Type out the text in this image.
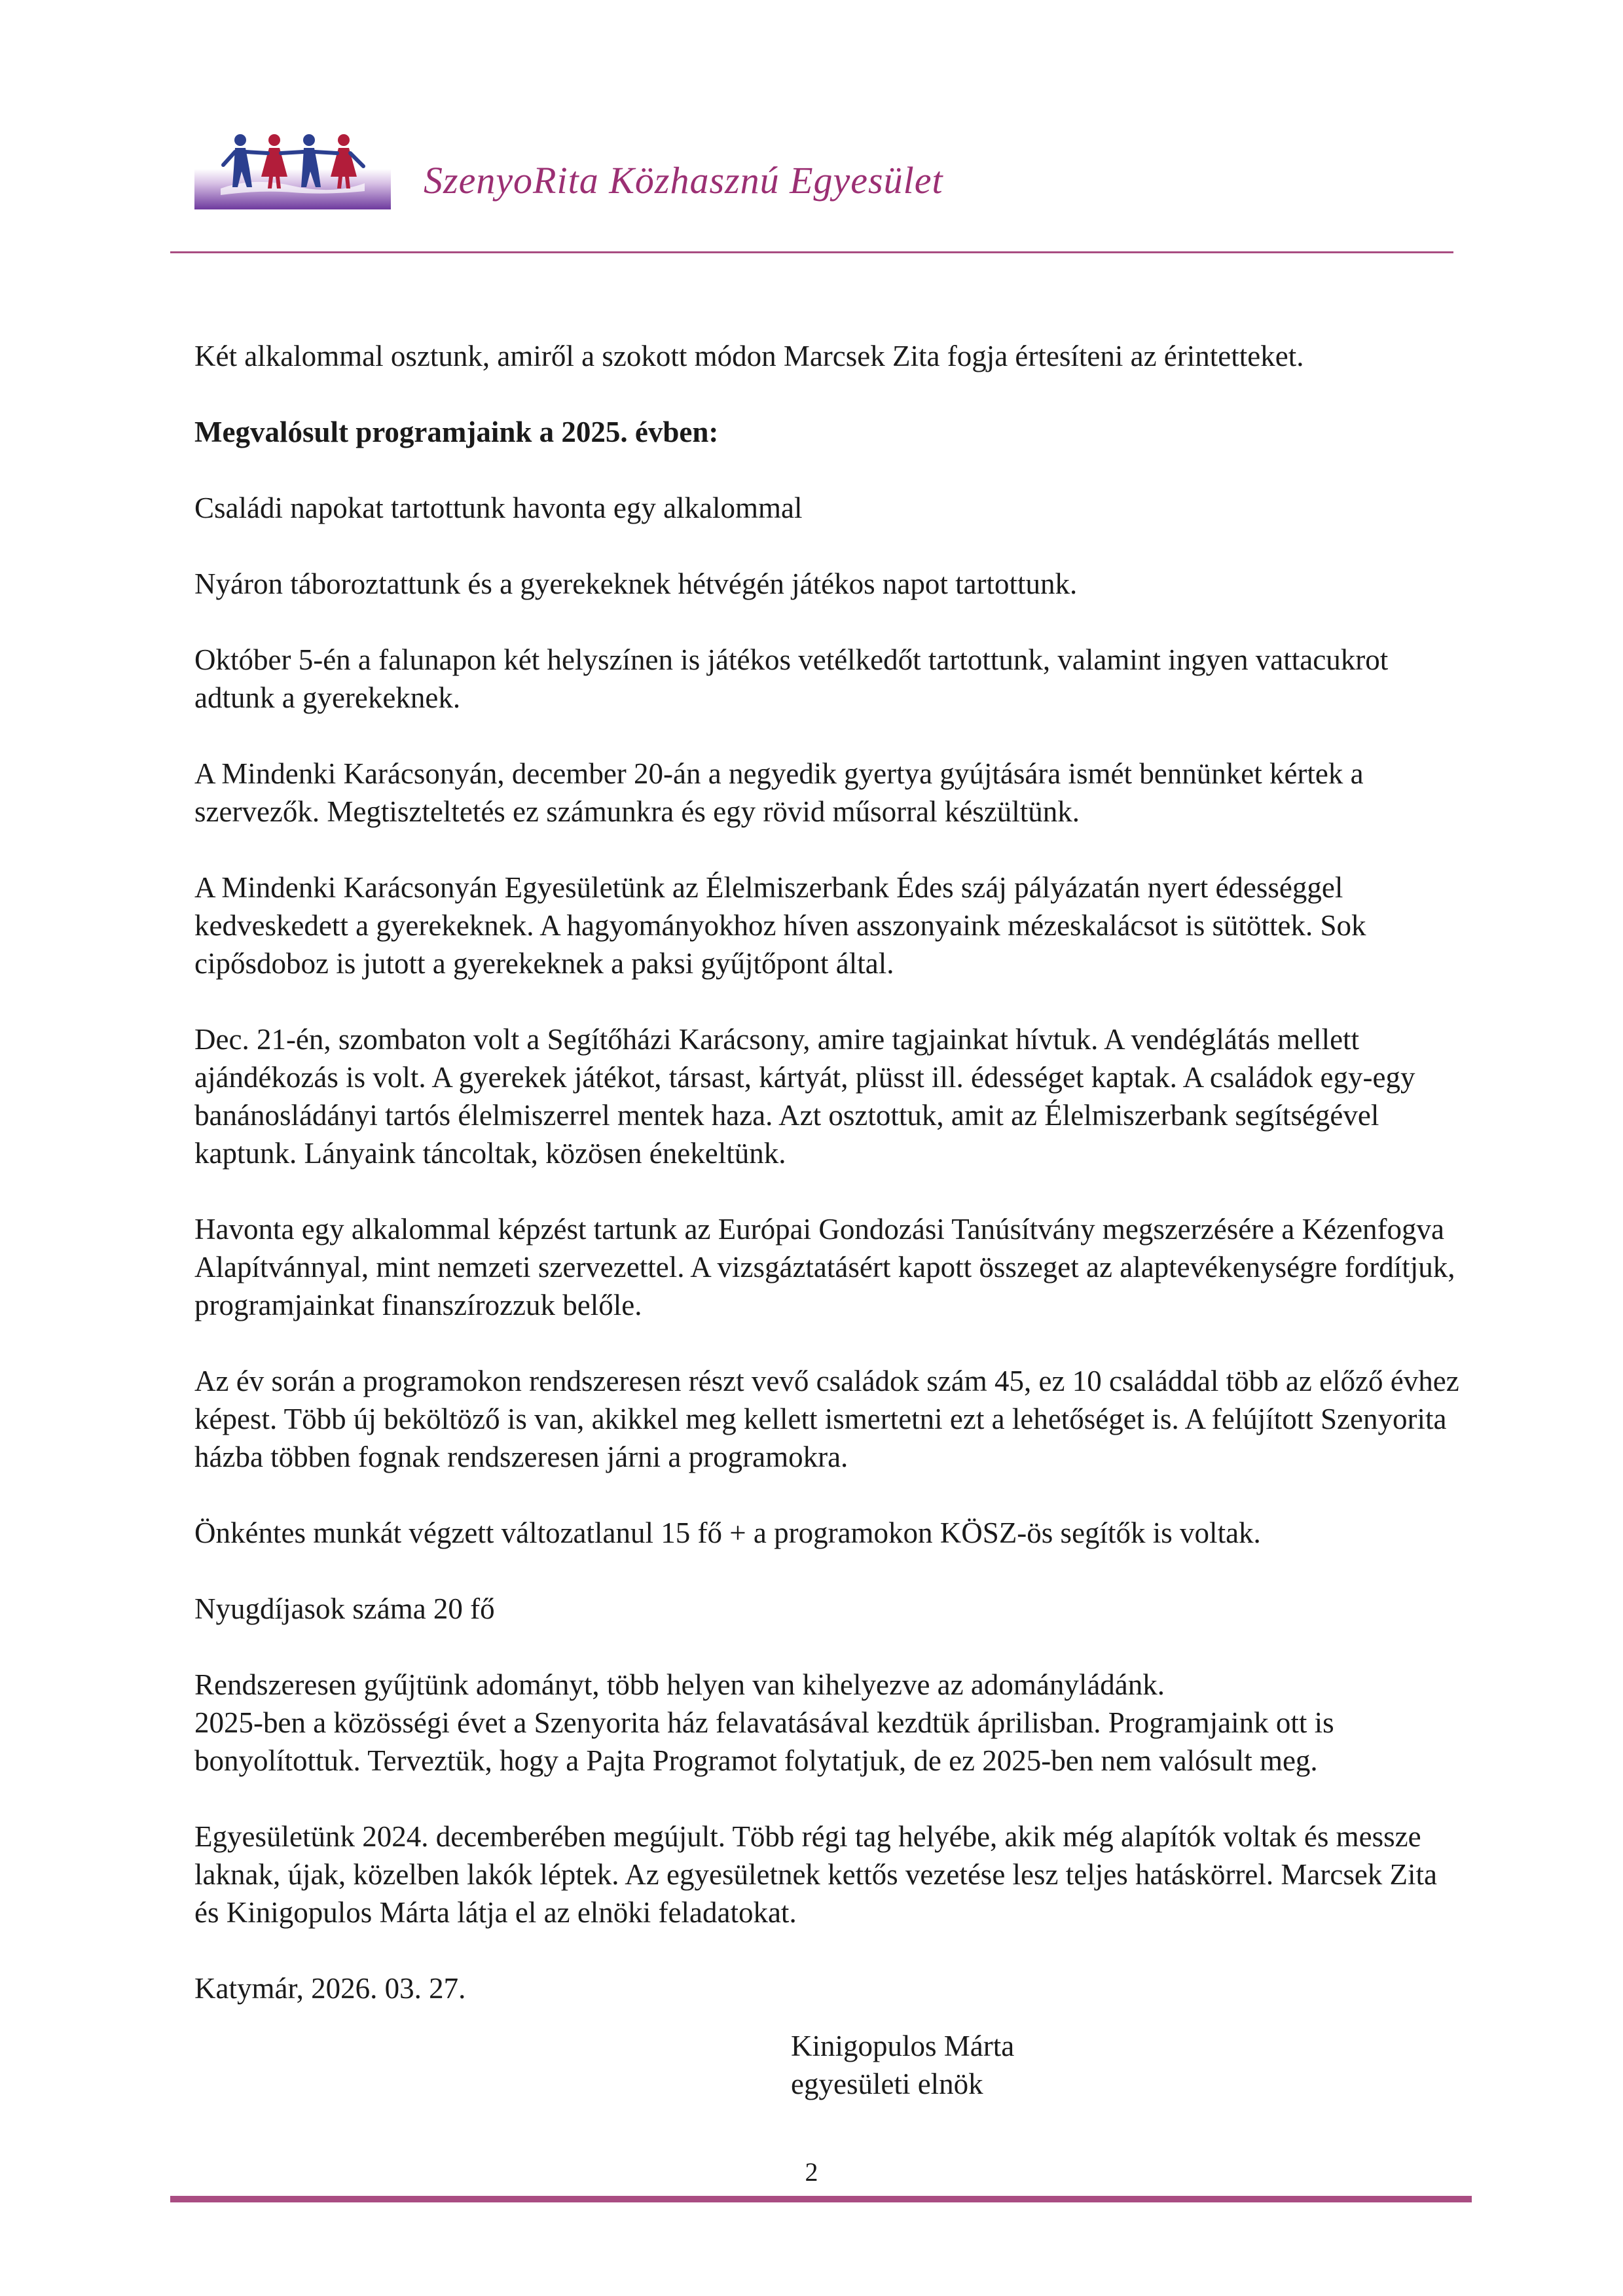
SzenyoRita Közhasznú Egyesület

Két alkalommal osztunk, amiről a szokott módon Marcsek Zita fogja értesíteni az érintetteket.

Megvalósult programjaink a 2025. évben:

Családi napokat tartottunk havonta egy alkalommal

Nyáron táboroztattunk és a gyerekeknek hétvégén játékos napot tartottunk.

Október 5-én a falunapon két helyszínen is játékos vetélkedőt tartottunk, valamint ingyen vattacukrot adtunk a gyerekeknek.

A Mindenki Karácsonyán, december 20-án a negyedik gyertya gyújtására ismét bennünket kértek a szervezők. Megtiszteltetés ez számunkra és egy rövid műsorral készültünk.

A Mindenki Karácsonyán Egyesületünk az Élelmiszerbank Édes száj pályázatán nyert édességgel kedveskedett a gyerekeknek. A hagyományokhoz híven asszonyaink mézeskalácsot is sütöttek. Sok cipősdoboz is jutott a gyerekeknek a paksi gyűjtőpont által.

Dec. 21-én, szombaton volt a Segítőházi Karácsony, amire tagjainkat hívtuk. A vendéglátás mellett ajándékozás is volt. A gyerekek játékot, társast, kártyát, plüsst ill. édességet kaptak. A családok egy-egy banánosládányi tartós élelmiszerrel mentek haza. Azt osztottuk, amit az Élelmiszerbank segítségével kaptunk. Lányaink táncoltak, közösen énekeltünk.

Havonta egy alkalommal képzést tartunk az Európai Gondozási Tanúsítvány megszerzésére a Kézenfogva Alapítvánnyal, mint nemzeti szervezettel. A vizsgáztatásért kapott összeget az alaptevékenységre fordítjuk, programjainkat finanszírozzuk belőle.

Az év során a programokon rendszeresen részt vevő családok szám 45, ez 10 családdal több az előző évhez képest. Több új beköltöző is van, akikkel meg kellett ismertetni ezt a lehetőséget is. A felújított Szenyorita házba többen fognak rendszeresen járni a programokra.

Önkéntes munkát végzett változatlanul 15 fő + a programokon KÖSZ-ös segítők is voltak.

Nyugdíjasok száma 20 fő

Rendszeresen gyűjtünk adományt, több helyen van kihelyezve az adományládánk.

2025-ben a közösségi évet a Szenyorita ház felavatásával kezdtük áprilisban. Programjaink ott is bonyolítottuk. Terveztük, hogy a Pajta Programot folytatjuk, de ez 2025-ben nem valósult meg.

Egyesületünk 2024. decemberében megújult. Több régi tag helyébe, akik még alapítók voltak és messze laknak, újak, közelben lakók léptek. Az egyesületnek kettős vezetése lesz teljes hatáskörrel. Marcsek Zita és Kinigopulos Márta látja el az elnöki feladatokat.

Katymár, 2026. 03. 27.

Kinigopulos Márta
egyesületi elnök
2
